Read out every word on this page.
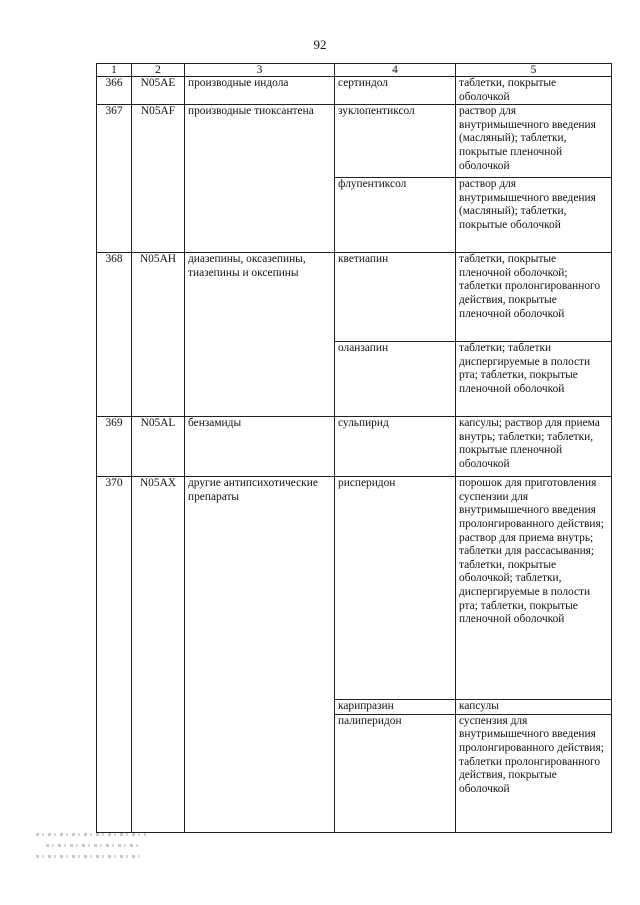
92
1	2	3	4	5
366	N05AE	производные индола	сертиндол	таблетки, покрытые оболочкой
367	N05AF	производные тиоксантена	зуклопентиксол	раствор для внутримышечного введения (масляный); таблетки, покрытые пленочной оболочкой
			флупентиксол	раствор для внутримышечного введения (масляный); таблетки, покрытые оболочкой
368	N05AH	диазепины, оксазепины, тиазепины и оксепины	кветиапин	таблетки, покрытые пленочной оболочкой; таблетки пролонгированного действия, покрытые пленочной оболочкой
			оланзапин	таблетки; таблетки диспергируемые в полости рта; таблетки, покрытые пленочной оболочкой
369	N05AL	бензамиды	сульпирид	капсулы; раствор для приема внутрь; таблетки; таблетки, покрытые пленочной оболочкой
370	N05AX	другие антипсихотические препараты	рисперидон	порошок для приготовления суспензии для внутримышечного введения пролонгированного действия; раствор для приема внутрь; таблетки для рассасывания; таблетки, покрытые оболочкой; таблетки, диспергируемые в полости рта; таблетки, покрытые пленочной оболочкой
			карипразин	капсулы
			палиперидон	суспензия для внутримышечного введения пролонгированного действия; таблетки пролонгированного действия, покрытые оболочкой
